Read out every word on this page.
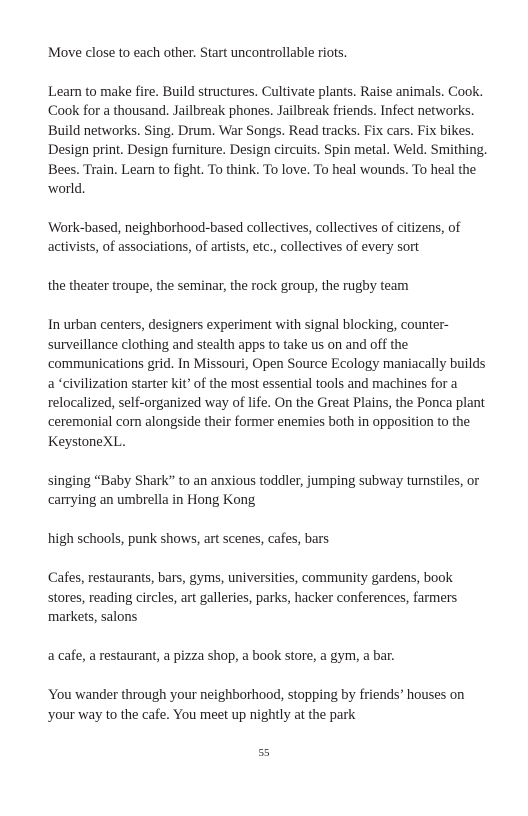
Move close to each other. Start uncontrollable riots.

Learn to make fire. Build structures. Cultivate plants. Raise animals. Cook. Cook for a thousand. Jailbreak phones. Jailbreak friends. Infect networks. Build networks. Sing. Drum. War Songs. Read tracks. Fix cars. Fix bikes. Design print. Design furniture. Design circuits. Spin metal. Weld. Smithing. Bees. Train. Learn to fight. To think. To love. To heal wounds. To heal the world.

Work-based, neighborhood-based collectives, collectives of citizens, of activists, of associations, of artists, etc., collectives of every sort

the theater troupe, the seminar, the rock group, the rugby team

In urban centers, designers experiment with signal blocking, counter-surveillance clothing and stealth apps to take us on and off the communications grid. In Missouri, Open Source Ecology maniacally builds a ‘civilization starter kit’ of the most essential tools and machines for a relocalized, self-organized way of life. On the Great Plains, the Ponca plant ceremonial corn alongside their former enemies both in opposition to the KeystoneXL.

singing “Baby Shark” to an anxious toddler, jumping subway turnstiles, or carrying an umbrella in Hong Kong

high schools, punk shows, art scenes, cafes, bars

Cafes, restaurants, bars, gyms, universities, community gardens, book stores, reading circles, art galleries, parks, hacker conferences, farmers markets, salons

a cafe, a restaurant, a pizza shop, a book store, a gym, a bar.

You wander through your neighborhood, stopping by friends’ houses on your way to the cafe. You meet up nightly at the park

55
